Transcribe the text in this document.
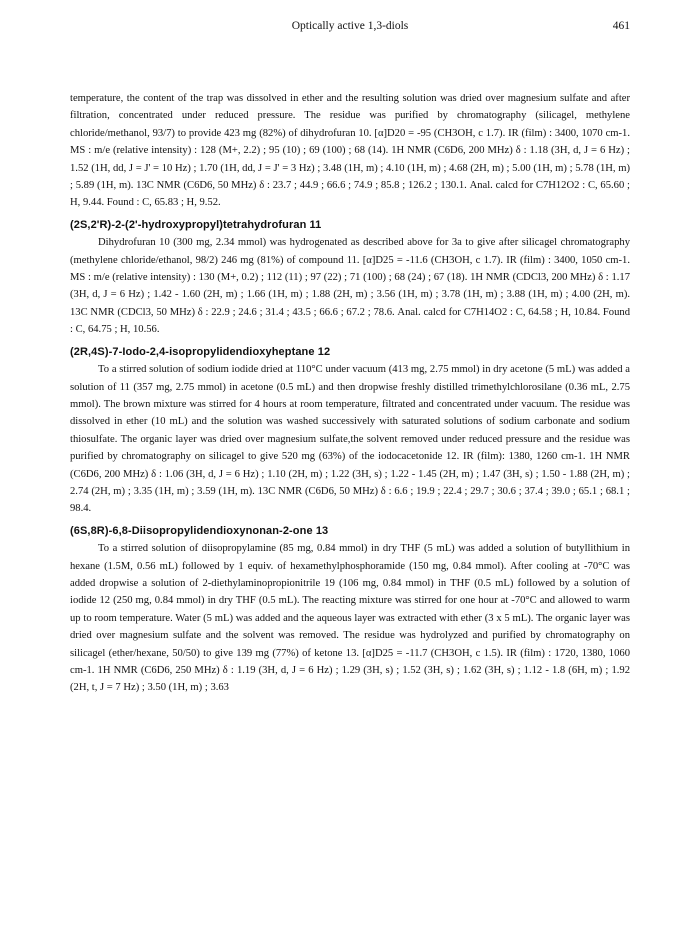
Optically active 1,3-diols	461

temperature, the content of the trap was dissolved in ether and the resulting solution was dried over magnesium sulfate and after filtration, concentrated under reduced pressure. The residue was purified by chromatography (silicagel, methylene chloride/methanol, 93/7) to provide 423 mg (82%) of dihydrofuran 10. [α]D20 = -95 (CH3OH, c 1.7). IR (film) : 3400, 1070 cm-1. MS : m/e (relative intensity) : 128 (M+, 2.2) ; 95 (10) ; 69 (100) ; 68 (14). 1H NMR (C6D6, 200 MHz) δ : 1.18 (3H, d, J = 6 Hz) ; 1.52 (1H, dd, J = J' = 10 Hz) ; 1.70 (1H, dd, J = J' = 3 Hz) ; 3.48 (1H, m) ; 4.10 (1H, m) ; 4.68 (2H, m) ; 5.00 (1H, m) ; 5.78 (1H, m) ; 5.89 (1H, m). 13C NMR (C6D6, 50 MHz) δ : 23.7 ; 44.9 ; 66.6 ; 74.9 ; 85.8 ; 126.2 ; 130.1. Anal. calcd for C7H12O2 : C, 65.60 ; H, 9.44. Found : C, 65.83 ; H, 9.52.

(2S,2'R)-2-(2'-hydroxypropyl)tetrahydrofuran 11

Dihydrofuran 10 (300 mg, 2.34 mmol) was hydrogenated as described above for 3a to give after silicagel chromatography (methylene chloride/ethanol, 98/2) 246 mg (81%) of compound 11. [α]D25 = -11.6 (CH3OH, c 1.7). IR (film) : 3400, 1050 cm-1. MS : m/e (relative intensity) : 130 (M+, 0.2) ; 112 (11) ; 97 (22) ; 71 (100) ; 68 (24) ; 67 (18). 1H NMR (CDCl3, 200 MHz) δ : 1.17 (3H, d, J = 6 Hz) ; 1.42 - 1.60 (2H, m) ; 1.66 (1H, m) ; 1.88 (2H, m) ; 3.56 (1H, m) ; 3.78 (1H, m) ; 3.88 (1H, m) ; 4.00 (2H, m). 13C NMR (CDCl3, 50 MHz) δ : 22.9 ; 24.6 ; 31.4 ; 43.5 ; 66.6 ; 67.2 ; 78.6. Anal. calcd for C7H14O2 : C, 64.58 ; H, 10.84. Found : C, 64.75 ; H, 10.56.

(2R,4S)-7-Iodo-2,4-isopropylidendioxyheptane 12

To a stirred solution of sodium iodide dried at 110°C under vacuum (413 mg, 2.75 mmol) in dry acetone (5 mL) was added a solution of 11 (357 mg, 2.75 mmol) in acetone (0.5 mL) and then dropwise freshly distilled trimethylchlorosilane (0.36 mL, 2.75 mmol). The brown mixture was stirred for 4 hours at room temperature, filtrated and concentrated under vacuum. The residue was dissolved in ether (10 mL) and the solution was washed successively with saturated solutions of sodium carbonate and sodium thiosulfate. The organic layer was dried over magnesium sulfate,the solvent removed under reduced pressure and the residue was purified by chromatography on silicagel to give 520 mg (63%) of the iodocacetonide 12. IR (film): 1380, 1260 cm-1. 1H NMR (C6D6, 200 MHz) δ : 1.06 (3H, d, J = 6 Hz) ; 1.10 (2H, m) ; 1.22 (3H, s) ; 1.22 - 1.45 (2H, m) ; 1.47 (3H, s) ; 1.50 - 1.88 (2H, m) ; 2.74 (2H, m) ; 3.35 (1H, m) ; 3.59 (1H, m). 13C NMR (C6D6, 50 MHz) δ : 6.6 ; 19.9 ; 22.4 ; 29.7 ; 30.6 ; 37.4 ; 39.0 ; 65.1 ; 68.1 ; 98.4.

(6S,8R)-6,8-Diisopropylidendioxynonan-2-one 13

To a stirred solution of diisopropylamine (85 mg, 0.84 mmol) in dry THF (5 mL) was added a solution of butyllithium in hexane (1.5M, 0.56 mL) followed by 1 equiv. of hexamethylphosphoramide (150 mg, 0.84 mmol). After cooling at -70°C was added dropwise a solution of 2-diethylaminopropionitrile 19 (106 mg, 0.84 mmol) in THF (0.5 mL) followed by a solution of iodide 12 (250 mg, 0.84 mmol) in dry THF (0.5 mL). The reacting mixture was stirred for one hour at -70°C and allowed to warm up to room temperature. Water (5 mL) was added and the aqueous layer was extracted with ether (3 x 5 mL). The organic layer was dried over magnesium sulfate and the solvent was removed. The residue was hydrolyzed and purified by chromatography on silicagel (ether/hexane, 50/50) to give 139 mg (77%) of ketone 13. [α]D25 = -11.7 (CH3OH, c 1.5). IR (film) : 1720, 1380, 1060 cm-1. 1H NMR (C6D6, 250 MHz) δ : 1.19 (3H, d, J = 6 Hz) ; 1.29 (3H, s) ; 1.52 (3H, s) ; 1.62 (3H, s) ; 1.12 - 1.8 (6H, m) ; 1.92 (2H, t, J = 7 Hz) ; 3.50 (1H, m) ; 3.63
